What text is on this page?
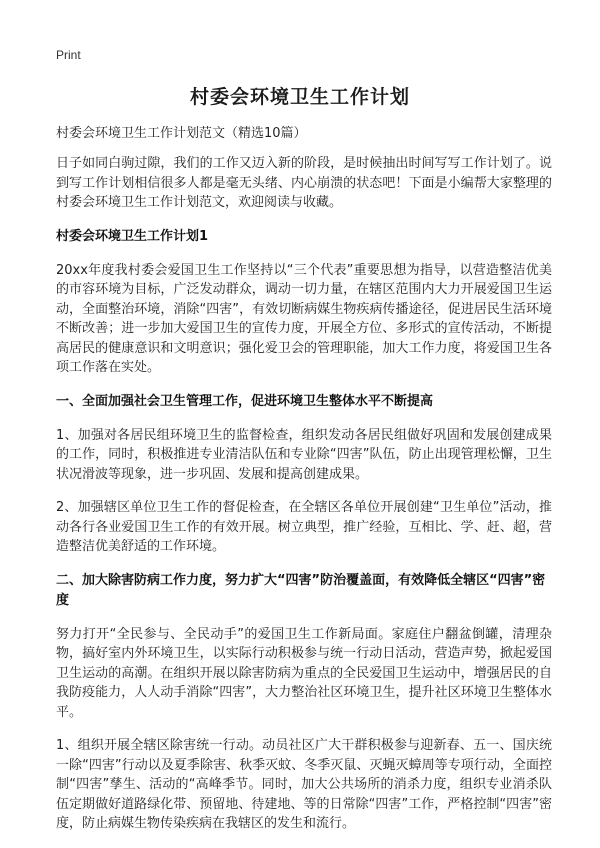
Print
村委会环境卫生工作计划

村委会环境卫生工作计划范文（精选10篇）

日子如同白驹过隙，我们的工作又迈入新的阶段，是时候抽出时间写写工作计划了。说到写工作计划相信很多人都是毫无头绪、内心崩溃的状态吧！下面是小编帮大家整理的村委会环境卫生工作计划范文，欢迎阅读与收藏。

村委会环境卫生工作计划1

20xx年度我村委会爱国卫生工作坚持以“三个代表”重要思想为指导，以营造整洁优美的市容环境为目标，广泛发动群众，调动一切力量，在辖区范围内大力开展爱国卫生运动，全面整治环境，消除“四害”，有效切断病媒生物疾病传播途径，促进居民生活环境不断改善；进一步加大爱国卫生的宣传力度，开展全方位、多形式的宣传活动，不断提高居民的健康意识和文明意识；强化爱卫会的管理职能，加大工作力度，将爱国卫生各项工作落在实处。

一、全面加强社会卫生管理工作，促进环境卫生整体水平不断提高

1、加强对各居民组环境卫生的监督检查，组织发动各居民组做好巩固和发展创建成果的工作，同时，积极推进专业清洁队伍和专业除“四害”队伍，防止出现管理松懈，卫生状况滑波等现象，进一步巩固、发展和提高创建成果。

2、加强辖区单位卫生工作的督促检查，在全辖区各单位开展创建“卫生单位”活动，推动各行各业爱国卫生工作的有效开展。树立典型，推广经验，互相比、学、赶、超，营造整洁优美舒适的工作环境。

二、加大除害防病工作力度，努力扩大“四害”防治覆盖面，有效降低全辖区“四害”密度

努力打开“全民参与、全民动手”的爱国卫生工作新局面。家庭住户翻盆倒罐，清理杂物，搞好室内外环境卫生，以实际行动积极参与统一行动日活动，营造声势，掀起爱国卫生运动的高潮。在组织开展以除害防病为重点的全民爱国卫生运动中，增强居民的自我防疫能力，人人动手消除“四害”，大力整治社区环境卫生，提升社区环境卫生整体水平。

1、组织开展全辖区除害统一行动。动员社区广大干群积极参与迎新春、五一、国庆统一除“四害”行动以及夏季除害、秋季灭蚊、冬季灭鼠、灭蝇灭蟑周等专项行动，全面控制“四害”孳生、活动的“高峰季节。同时，加大公共场所的消杀力度，组织专业消杀队伍定期做好道路绿化带、预留地、待建地、等的日常除“四害”工作，严格控制“四害”密度，防止病媒生物传染疾病在我辖区的发生和流行。
